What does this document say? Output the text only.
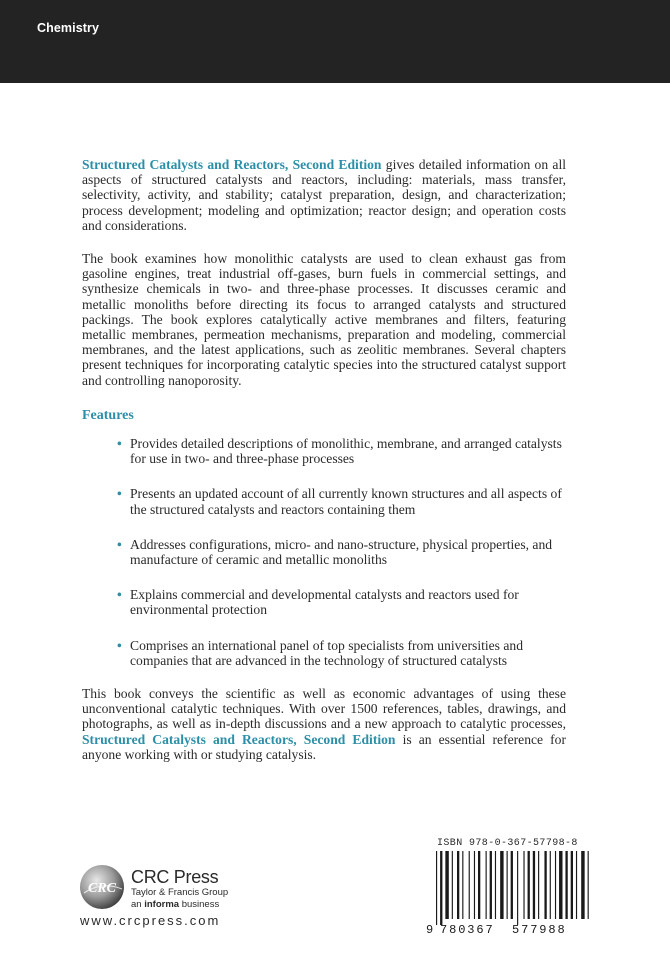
Chemistry

Structured Catalysts and Reactors, Second Edition gives detailed information on all aspects of structured catalysts and reactors, including: materials, mass transfer, selectivity, activity, and stability; catalyst preparation, design, and characterization; process development; modeling and optimization; reactor design; and operation costs and considerations.

The book examines how monolithic catalysts are used to clean exhaust gas from gasoline engines, treat industrial off-gases, burn fuels in commercial settings, and synthesize chemicals in two- and three-phase processes. It discusses ceramic and metallic monoliths before directing its focus to arranged catalysts and structured packings. The book explores catalytically active membranes and filters, featuring metallic membranes, permeation mechanisms, preparation and modeling, commercial membranes, and the latest applications, such as zeolitic membranes. Several chapters present techniques for incorporating catalytic species into the structured catalyst support and controlling nanoporosity.

Features
• Provides detailed descriptions of monolithic, membrane, and arranged catalysts for use in two- and three-phase processes
• Presents an updated account of all currently known structures and all aspects of the structured catalysts and reactors containing them
• Addresses configurations, micro- and nano-structure, physical properties, and manufacture of ceramic and metallic monoliths
• Explains commercial and developmental catalysts and reactors used for environmental protection
• Comprises an international panel of top specialists from universities and companies that are advanced in the technology of structured catalysts

This book conveys the scientific as well as economic advantages of using these unconventional catalytic techniques. With over 1500 references, tables, drawings, and photographs, as well as in-depth discussions and a new approach to catalytic processes, Structured Catalysts and Reactors, Second Edition is an essential reference for anyone working with or studying catalysis.

CRC
CRC Press
Taylor & Francis Group
an informa business
www.crcpress.com
ISBN 978-0-367-57798-8
9 780367 577988
